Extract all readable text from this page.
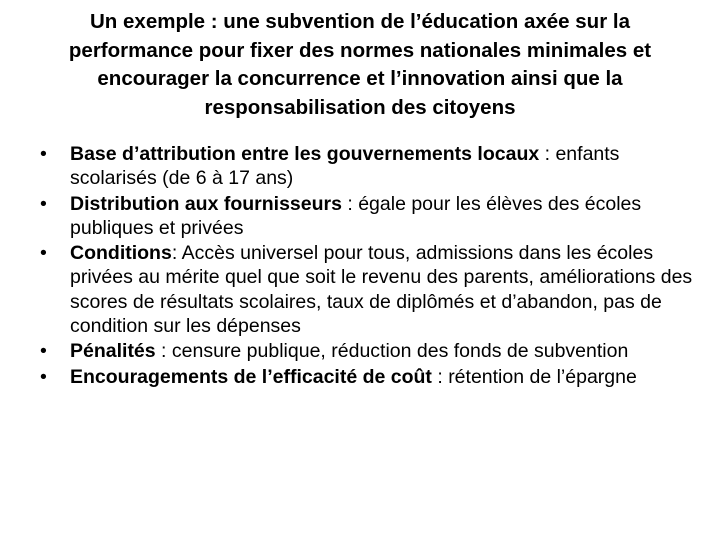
Un exemple : une subvention de l’éducation axée sur la performance pour fixer des normes nationales minimales et encourager la concurrence et l’innovation ainsi que la responsabilisation des citoyens
•	Base d’attribution entre les gouvernements locaux : enfants scolarisés (de 6 à 17 ans)
•	Distribution aux fournisseurs : égale pour les élèves des écoles publiques et privées
•	Conditions: Accès universel pour tous, admissions dans les écoles privées au mérite quel que soit le revenu des parents, améliorations des scores de résultats scolaires, taux de diplômés et d’abandon, pas de condition sur les dépenses
•	Pénalités : censure publique, réduction des fonds de subvention
•	Encouragements de l’efficacité de coût : rétention de l’épargne
